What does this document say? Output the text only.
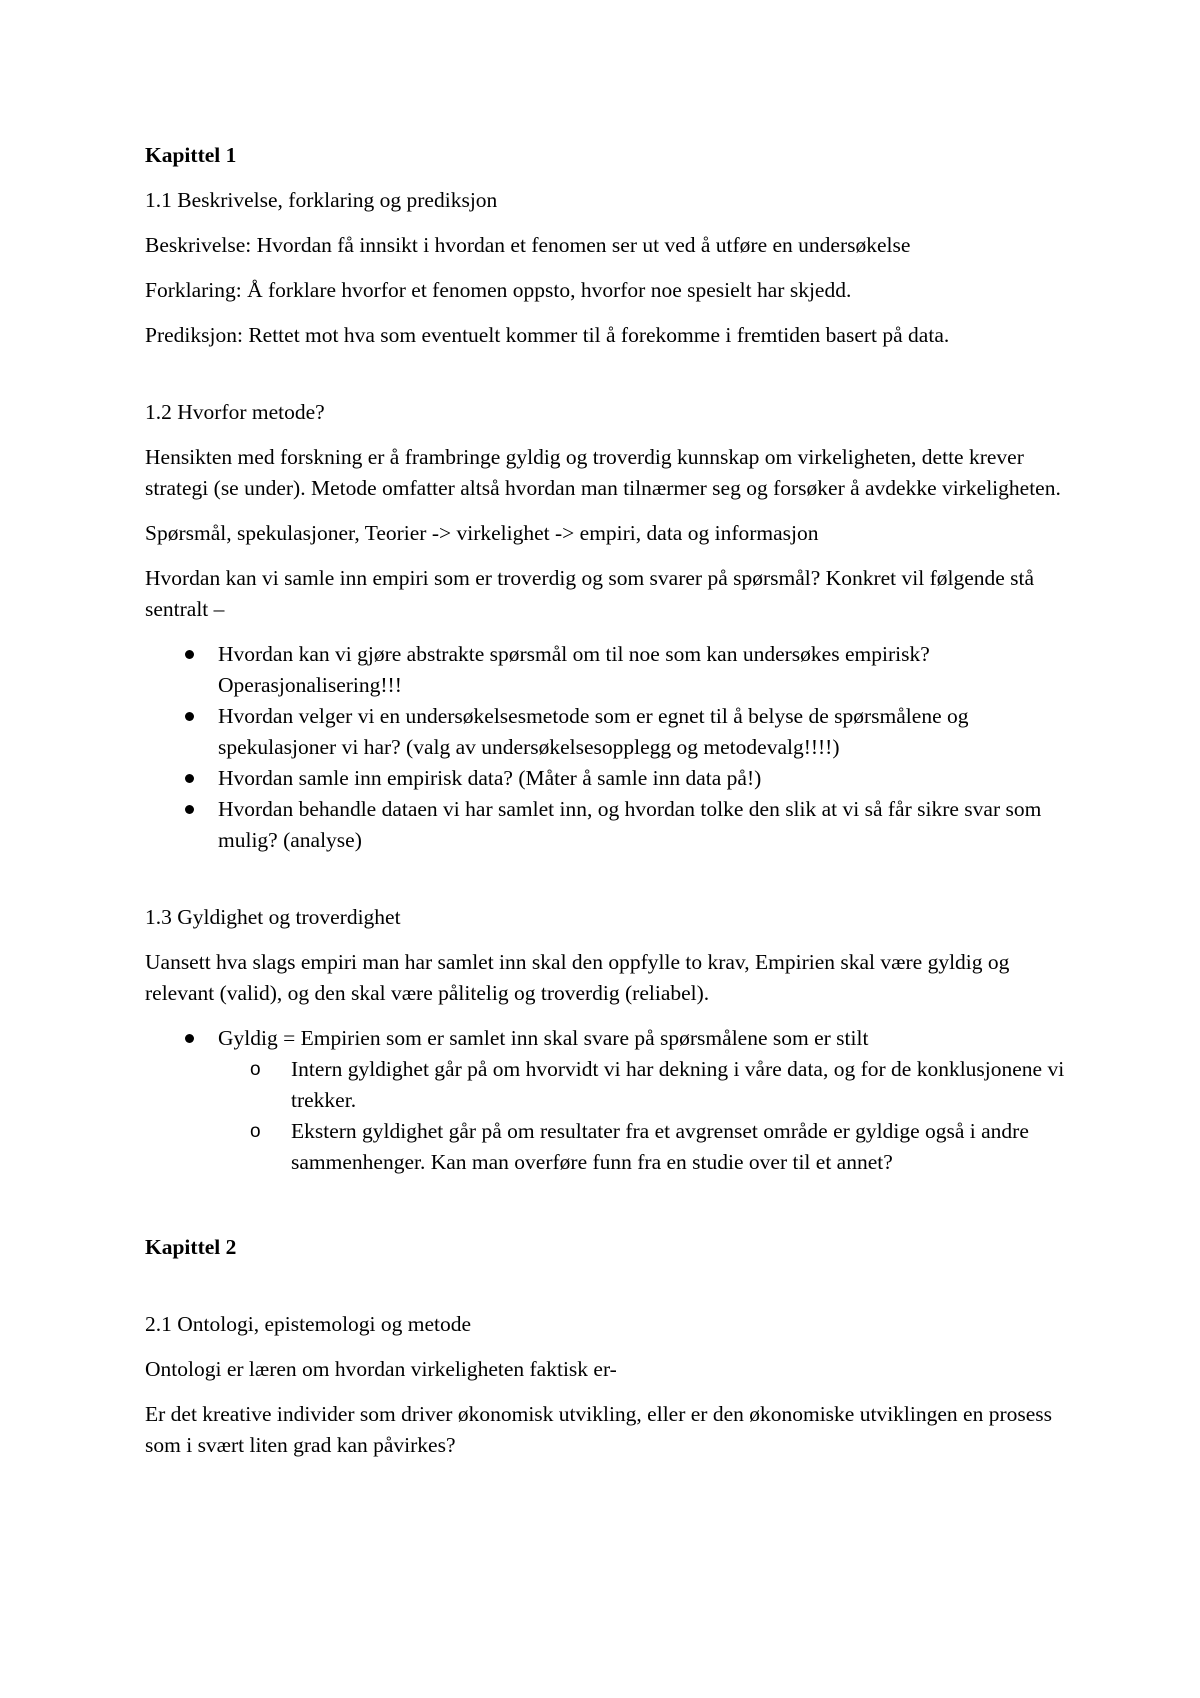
Kapittel 1
1.1 Beskrivelse, forklaring og prediksjon
Beskrivelse: Hvordan få innsikt i hvordan et fenomen ser ut ved å utføre en undersøkelse
Forklaring: Å forklare hvorfor et fenomen oppsto, hvorfor noe spesielt har skjedd.
Prediksjon: Rettet mot hva som eventuelt kommer til å forekomme i fremtiden basert på data.
1.2 Hvorfor metode?
Hensikten med forskning er å frambringe gyldig og troverdig kunnskap om virkeligheten, dette krever strategi (se under). Metode omfatter altså hvordan man tilnærmer seg og forsøker å avdekke virkeligheten.
Spørsmål, spekulasjoner, Teorier -> virkelighet -> empiri, data og informasjon
Hvordan kan vi samle inn empiri som er troverdig og som svarer på spørsmål? Konkret vil følgende stå sentralt –
Hvordan kan vi gjøre abstrakte spørsmål om til noe som kan undersøkes empirisk? Operasjonalisering!!!
Hvordan velger vi en undersøkelsesmetode som er egnet til å belyse de spørsmålene og spekulasjoner vi har? (valg av undersøkelsesopplegg og metodevalg!!!!)
Hvordan samle inn empirisk data? (Måter å samle inn data på!)
Hvordan behandle dataen vi har samlet inn, og hvordan tolke den slik at vi så får sikre svar som mulig? (analyse)
1.3 Gyldighet og troverdighet
Uansett hva slags empiri man har samlet inn skal den oppfylle to krav, Empirien skal være gyldig og relevant (valid), og den skal være pålitelig og troverdig (reliabel).
Gyldig = Empirien som er samlet inn skal svare på spørsmålene som er stilt
o Intern gyldighet går på om hvorvidt vi har dekning i våre data, og for de konklusjonene vi trekker.
o Ekstern gyldighet går på om resultater fra et avgrenset område er gyldige også i andre sammenhenger. Kan man overføre funn fra en studie over til et annet?
Kapittel 2
2.1 Ontologi, epistemologi og metode
Ontologi er læren om hvordan virkeligheten faktisk er-
Er det kreative individer som driver økonomisk utvikling, eller er den økonomiske utviklingen en prosess som i svært liten grad kan påvirkes?
